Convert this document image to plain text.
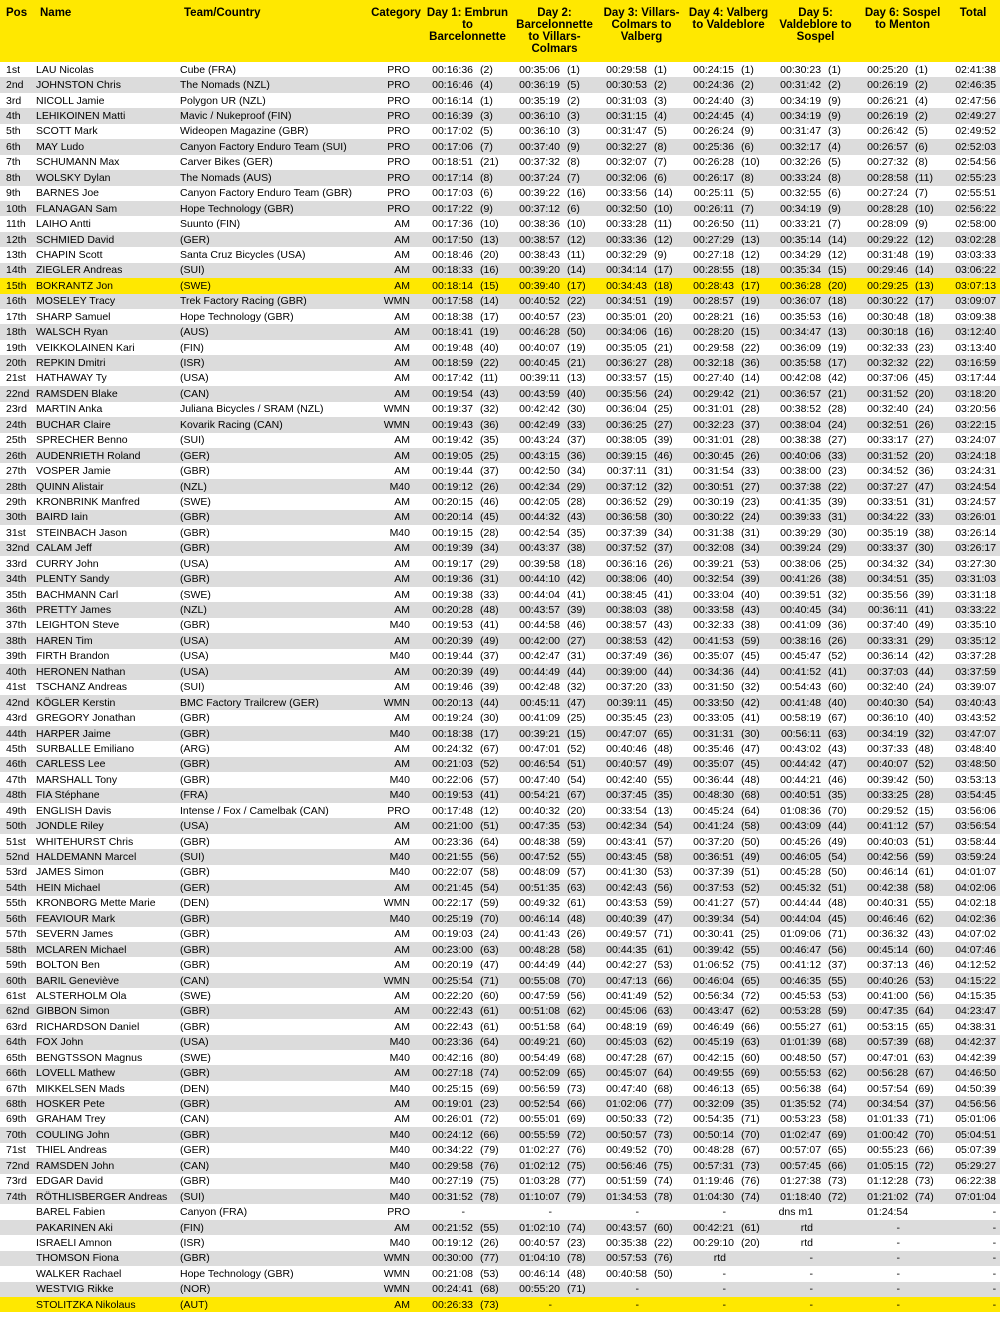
Pos	Name	Team/Country	Category	Day 1: Embrun to Barcelonnette		Day 2: Barcelonnette to Villars-Colmars		Day 3: Villars-Colmars to Valberg		Day 4: Valberg to Valdeblore		Day 5: Valdeblore to Sospel		Day 6: Sospel to Menton		Total
1st	LAU Nicolas	Cube (FRA)	PRO	00:16:36	(2)	00:35:06	(1)	00:29:58	(1)	00:24:15	(1)	00:30:23	(1)	00:25:20	(1)	02:41:38
2nd	JOHNSTON Chris	The Nomads (NZL)	PRO	00:16:46	(4)	00:36:19	(5)	00:30:53	(2)	00:24:36	(2)	00:31:42	(2)	00:26:19	(2)	02:46:35
3rd	NICOLL Jamie	Polygon UR (NZL)	PRO	00:16:14	(1)	00:35:19	(2)	00:31:03	(3)	00:24:40	(3)	00:34:19	(9)	00:26:21	(4)	02:47:56
4th	LEHIKOINEN Matti	Mavic / Nukeproof (FIN)	PRO	00:16:39	(3)	00:36:10	(3)	00:31:15	(4)	00:24:45	(4)	00:34:19	(9)	00:26:19	(2)	02:49:27
5th	SCOTT Mark	Wideopen Magazine (GBR)	PRO	00:17:02	(5)	00:36:10	(3)	00:31:47	(5)	00:26:24	(9)	00:31:47	(3)	00:26:42	(5)	02:49:52
6th	MAY Ludo	Canyon Factory Enduro Team (SUI)	PRO	00:17:06	(7)	00:37:40	(9)	00:32:27	(8)	00:25:36	(6)	00:32:17	(4)	00:26:57	(6)	02:52:03
7th	SCHUMANN Max	Carver Bikes (GER)	PRO	00:18:51	(21)	00:37:32	(8)	00:32:07	(7)	00:26:28	(10)	00:32:26	(5)	00:27:32	(8)	02:54:56
8th	WOLSKY Dylan	The Nomads (AUS)	PRO	00:17:14	(8)	00:37:24	(7)	00:32:06	(6)	00:26:17	(8)	00:33:24	(8)	00:28:58	(11)	02:55:23
9th	BARNES Joe	Canyon Factory Enduro Team (GBR)	PRO	00:17:03	(6)	00:39:22	(16)	00:33:56	(14)	00:25:11	(5)	00:32:55	(6)	00:27:24	(7)	02:55:51
10th	FLANAGAN Sam	Hope Technology (GBR)	PRO	00:17:22	(9)	00:37:12	(6)	00:32:50	(10)	00:26:11	(7)	00:34:19	(9)	00:28:28	(10)	02:56:22
11th	LAIHO Antti	Suunto (FIN)	AM	00:17:36	(10)	00:38:36	(10)	00:33:28	(11)	00:26:50	(11)	00:33:21	(7)	00:28:09	(9)	02:58:00
12th	SCHMIED David	(GER)	AM	00:17:50	(13)	00:38:57	(12)	00:33:36	(12)	00:27:29	(13)	00:35:14	(14)	00:29:22	(12)	03:02:28
13th	CHAPIN Scott	Santa Cruz Bicycles (USA)	AM	00:18:46	(20)	00:38:43	(11)	00:32:29	(9)	00:27:18	(12)	00:34:29	(12)	00:31:48	(19)	03:03:33
14th	ZIEGLER Andreas	(SUI)	AM	00:18:33	(16)	00:39:20	(14)	00:34:14	(17)	00:28:55	(18)	00:35:34	(15)	00:29:46	(14)	03:06:22
15th	BOKRANTZ Jon	(SWE)	AM	00:18:14	(15)	00:39:40	(17)	00:34:43	(18)	00:28:43	(17)	00:36:28	(20)	00:29:25	(13)	03:07:13
16th	MOSELEY Tracy	Trek Factory Racing (GBR)	WMN	00:17:58	(14)	00:40:52	(22)	00:34:51	(19)	00:28:57	(19)	00:36:07	(18)	00:30:22	(17)	03:09:07
17th	SHARP Samuel	Hope Technology (GBR)	AM	00:18:38	(17)	00:40:57	(23)	00:35:01	(20)	00:28:21	(16)	00:35:53	(16)	00:30:48	(18)	03:09:38
18th	WALSCH Ryan	(AUS)	AM	00:18:41	(19)	00:46:28	(50)	00:34:06	(16)	00:28:20	(15)	00:34:47	(13)	00:30:18	(16)	03:12:40
19th	VEIKKOLAINEN Kari	(FIN)	AM	00:19:48	(40)	00:40:07	(19)	00:35:05	(21)	00:29:58	(22)	00:36:09	(19)	00:32:33	(23)	03:13:40
20th	REPKIN Dmitri	(ISR)	AM	00:18:59	(22)	00:40:45	(21)	00:36:27	(28)	00:32:18	(36)	00:35:58	(17)	00:32:32	(22)	03:16:59
21st	HATHAWAY Ty	(USA)	AM	00:17:42	(11)	00:39:11	(13)	00:33:57	(15)	00:27:40	(14)	00:42:08	(42)	00:37:06	(45)	03:17:44
22nd	RAMSDEN Blake	(CAN)	AM	00:19:54	(43)	00:43:59	(40)	00:35:56	(24)	00:29:42	(21)	00:36:57	(21)	00:31:52	(20)	03:18:20
23rd	MARTIN Anka	Juliana Bicycles / SRAM (NZL)	WMN	00:19:37	(32)	00:42:42	(30)	00:36:04	(25)	00:31:01	(28)	00:38:52	(28)	00:32:40	(24)	03:20:56
24th	BUCHAR Claire	Kovarik Racing (CAN)	WMN	00:19:43	(36)	00:42:49	(33)	00:36:25	(27)	00:32:23	(37)	00:38:04	(24)	00:32:51	(26)	03:22:15
25th	SPRECHER Benno	(SUI)	AM	00:19:42	(35)	00:43:24	(37)	00:38:05	(39)	00:31:01	(28)	00:38:38	(27)	00:33:17	(27)	03:24:07
26th	AUDENRIETH Roland	(GER)	AM	00:19:05	(25)	00:43:15	(36)	00:39:15	(46)	00:30:45	(26)	00:40:06	(33)	00:31:52	(20)	03:24:18
27th	VOSPER Jamie	(GBR)	AM	00:19:44	(37)	00:42:50	(34)	00:37:11	(31)	00:31:54	(33)	00:38:00	(23)	00:34:52	(36)	03:24:31
28th	QUINN Alistair	(NZL)	M40	00:19:12	(26)	00:42:34	(29)	00:37:12	(32)	00:30:51	(27)	00:37:38	(22)	00:37:27	(47)	03:24:54
29th	KRONBRINK Manfred	(SWE)	AM	00:20:15	(46)	00:42:05	(28)	00:36:52	(29)	00:30:19	(23)	00:41:35	(39)	00:33:51	(31)	03:24:57
30th	BAIRD Iain	(GBR)	AM	00:20:14	(45)	00:44:32	(43)	00:36:58	(30)	00:30:22	(24)	00:39:33	(31)	00:34:22	(33)	03:26:01
31st	STEINBACH Jason	(GBR)	M40	00:19:15	(28)	00:42:54	(35)	00:37:39	(34)	00:31:38	(31)	00:39:29	(30)	00:35:19	(38)	03:26:14
32nd	CALAM Jeff	(GBR)	AM	00:19:39	(34)	00:43:37	(38)	00:37:52	(37)	00:32:08	(34)	00:39:24	(29)	00:33:37	(30)	03:26:17
33rd	CURRY John	(USA)	AM	00:19:17	(29)	00:39:58	(18)	00:36:16	(26)	00:39:21	(53)	00:38:06	(25)	00:34:32	(34)	03:27:30
34th	PLENTY Sandy	(GBR)	AM	00:19:36	(31)	00:44:10	(42)	00:38:06	(40)	00:32:54	(39)	00:41:26	(38)	00:34:51	(35)	03:31:03
35th	BACHMANN Carl	(SWE)	AM	00:19:38	(33)	00:44:04	(41)	00:38:45	(41)	00:33:04	(40)	00:39:51	(32)	00:35:56	(39)	03:31:18
36th	PRETTY James	(NZL)	AM	00:20:28	(48)	00:43:57	(39)	00:38:03	(38)	00:33:58	(43)	00:40:45	(34)	00:36:11	(41)	03:33:22
37th	LEIGHTON Steve	(GBR)	M40	00:19:53	(41)	00:44:58	(46)	00:38:57	(43)	00:32:33	(38)	00:41:09	(36)	00:37:40	(49)	03:35:10
38th	HAREN Tim	(USA)	AM	00:20:39	(49)	00:42:00	(27)	00:38:53	(42)	00:41:53	(59)	00:38:16	(26)	00:33:31	(29)	03:35:12
39th	FIRTH Brandon	(USA)	M40	00:19:44	(37)	00:42:47	(31)	00:37:49	(36)	00:35:07	(45)	00:45:47	(52)	00:36:14	(42)	03:37:28
40th	HERONEN Nathan	(USA)	AM	00:20:39	(49)	00:44:49	(44)	00:39:00	(44)	00:34:36	(44)	00:41:52	(41)	00:37:03	(44)	03:37:59
41st	TSCHANZ Andreas	(SUI)	AM	00:19:46	(39)	00:42:48	(32)	00:37:20	(33)	00:31:50	(32)	00:54:43	(60)	00:32:40	(24)	03:39:07
42nd	KÖGLER Kerstin	BMC Factory Trailcrew (GER)	WMN	00:20:13	(44)	00:45:11	(47)	00:39:11	(45)	00:33:50	(42)	00:41:48	(40)	00:40:30	(54)	03:40:43
43rd	GREGORY Jonathan	(GBR)	AM	00:19:24	(30)	00:41:09	(25)	00:35:45	(23)	00:33:05	(41)	00:58:19	(67)	00:36:10	(40)	03:43:52
44th	HARPER Jaime	(GBR)	M40	00:18:38	(17)	00:39:21	(15)	00:47:07	(65)	00:31:31	(30)	00:56:11	(63)	00:34:19	(32)	03:47:07
45th	SURBALLE Emiliano	(ARG)	AM	00:24:32	(67)	00:47:01	(52)	00:40:46	(48)	00:35:46	(47)	00:43:02	(43)	00:37:33	(48)	03:48:40
46th	CARLESS Lee	(GBR)	AM	00:21:03	(52)	00:46:54	(51)	00:40:57	(49)	00:35:07	(45)	00:44:42	(47)	00:40:07	(52)	03:48:50
47th	MARSHALL Tony	(GBR)	M40	00:22:06	(57)	00:47:40	(54)	00:42:40	(55)	00:36:44	(48)	00:44:21	(46)	00:39:42	(50)	03:53:13
48th	FIA Stéphane	(FRA)	M40	00:19:53	(41)	00:54:21	(67)	00:37:45	(35)	00:48:30	(68)	00:40:51	(35)	00:33:25	(28)	03:54:45
49th	ENGLISH Davis	Intense / Fox / Camelbak (CAN)	PRO	00:17:48	(12)	00:40:32	(20)	00:33:54	(13)	00:45:24	(64)	01:08:36	(70)	00:29:52	(15)	03:56:06
50th	JONDLE Riley	(USA)	AM	00:21:00	(51)	00:47:35	(53)	00:42:34	(54)	00:41:24	(58)	00:43:09	(44)	00:41:12	(57)	03:56:54
51st	WHITEHURST Chris	(GBR)	AM	00:23:36	(64)	00:48:38	(59)	00:43:41	(57)	00:37:20	(50)	00:45:26	(49)	00:40:03	(51)	03:58:44
52nd	HALDEMANN Marcel	(SUI)	M40	00:21:55	(56)	00:47:52	(55)	00:43:45	(58)	00:36:51	(49)	00:46:05	(54)	00:42:56	(59)	03:59:24
53rd	JAMES Simon	(GBR)	M40	00:22:07	(58)	00:48:09	(57)	00:41:30	(53)	00:37:39	(51)	00:45:28	(50)	00:46:14	(61)	04:01:07
54th	HEIN Michael	(GER)	AM	00:21:45	(54)	00:51:35	(63)	00:42:43	(56)	00:37:53	(52)	00:45:32	(51)	00:42:38	(58)	04:02:06
55th	KRONBORG Mette Marie	(DEN)	WMN	00:22:17	(59)	00:49:32	(61)	00:43:53	(59)	00:41:27	(57)	00:44:44	(48)	00:40:31	(55)	04:02:18
56th	FEAVIOUR Mark	(GBR)	M40	00:25:19	(70)	00:46:14	(48)	00:40:39	(47)	00:39:34	(54)	00:44:04	(45)	00:46:46	(62)	04:02:36
57th	SEVERN James	(GBR)	AM	00:19:03	(24)	00:41:43	(26)	00:49:57	(71)	00:30:41	(25)	01:09:06	(71)	00:36:32	(43)	04:07:02
58th	MCLAREN Michael	(GBR)	AM	00:23:00	(63)	00:48:28	(58)	00:44:35	(61)	00:39:42	(55)	00:46:47	(56)	00:45:14	(60)	04:07:46
59th	BOLTON Ben	(GBR)	AM	00:20:19	(47)	00:44:49	(44)	00:42:27	(53)	01:06:52	(75)	00:41:12	(37)	00:37:13	(46)	04:12:52
60th	BARIL Geneviève	(CAN)	WMN	00:25:54	(71)	00:55:08	(70)	00:47:13	(66)	00:46:04	(65)	00:46:35	(55)	00:40:26	(53)	04:15:22
61st	ALSTERHOLM Ola	(SWE)	AM	00:22:20	(60)	00:47:59	(56)	00:41:49	(52)	00:56:34	(72)	00:45:53	(53)	00:41:00	(56)	04:15:35
62nd	GIBBON Simon	(GBR)	AM	00:22:43	(61)	00:51:08	(62)	00:45:06	(63)	00:43:47	(62)	00:53:28	(59)	00:47:35	(64)	04:23:47
63rd	RICHARDSON Daniel	(GBR)	AM	00:22:43	(61)	00:51:58	(64)	00:48:19	(69)	00:46:49	(66)	00:55:27	(61)	00:53:15	(65)	04:38:31
64th	FOX John	(USA)	M40	00:23:36	(64)	00:49:21	(60)	00:45:03	(62)	00:45:19	(63)	01:01:39	(68)	00:57:39	(68)	04:42:37
65th	BENGTSSON Magnus	(SWE)	M40	00:42:16	(80)	00:54:49	(68)	00:47:28	(67)	00:42:15	(60)	00:48:50	(57)	00:47:01	(63)	04:42:39
66th	LOVELL Mathew	(GBR)	AM	00:27:18	(74)	00:52:09	(65)	00:45:07	(64)	00:49:55	(69)	00:55:53	(62)	00:56:28	(67)	04:46:50
67th	MIKKELSEN Mads	(DEN)	M40	00:25:15	(69)	00:56:59	(73)	00:47:40	(68)	00:46:13	(65)	00:56:38	(64)	00:57:54	(69)	04:50:39
68th	HOSKER Pete	(GBR)	AM	00:19:01	(23)	00:52:54	(66)	01:02:06	(77)	00:32:09	(35)	01:35:52	(74)	00:34:54	(37)	04:56:56
69th	GRAHAM Trey	(CAN)	AM	00:26:01	(72)	00:55:01	(69)	00:50:33	(72)	00:54:35	(71)	00:53:23	(58)	01:01:33	(71)	05:01:06
70th	COULING John	(GBR)	M40	00:24:12	(66)	00:55:59	(72)	00:50:57	(73)	00:50:14	(70)	01:02:47	(69)	01:00:42	(70)	05:04:51
71st	THIEL Andreas	(GER)	M40	00:34:22	(79)	01:02:27	(76)	00:49:52	(70)	00:48:28	(67)	00:57:07	(65)	00:55:23	(66)	05:07:39
72nd	RAMSDEN John	(CAN)	M40	00:29:58	(76)	01:02:12	(75)	00:56:46	(75)	00:57:31	(73)	00:57:45	(66)	01:05:15	(72)	05:29:27
73rd	EDGAR David	(GBR)	M40	00:27:19	(75)	01:03:28	(77)	00:51:59	(74)	01:19:46	(76)	01:27:38	(73)	01:12:28	(73)	06:22:38
74th	RÖTHLISBERGER Andreas	(SUI)	M40	00:31:52	(78)	01:10:07	(79)	01:34:53	(78)	01:04:30	(74)	01:18:40	(72)	01:21:02	(74)	07:01:04
	BAREL Fabien	Canyon (FRA)	PRO	-		-		-		-		dns m1		01:24:54		-
	PAKARINEN Aki	(FIN)	AM	00:21:52	(55)	01:02:10	(74)	00:43:57	(60)	00:42:21	(61)	rtd		-		-
	ISRAELI Amnon	(ISR)	M40	00:19:12	(26)	00:40:57	(23)	00:35:38	(22)	00:29:10	(20)	rtd		-		-
	THOMSON Fiona	(GBR)	WMN	00:30:00	(77)	01:04:10	(78)	00:57:53	(76)	rtd		-		-		-
	WALKER Rachael	Hope Technology (GBR)	WMN	00:21:08	(53)	00:46:14	(48)	00:40:58	(50)	-		-		-		-
	WESTVIG Rikke	(NOR)	WMN	00:24:41	(68)	00:55:20	(71)	-		-		-		-		-
	STOLITZKA Nikolaus	(AUT)	AM	00:26:33	(73)	-		-		-		-		-		-
